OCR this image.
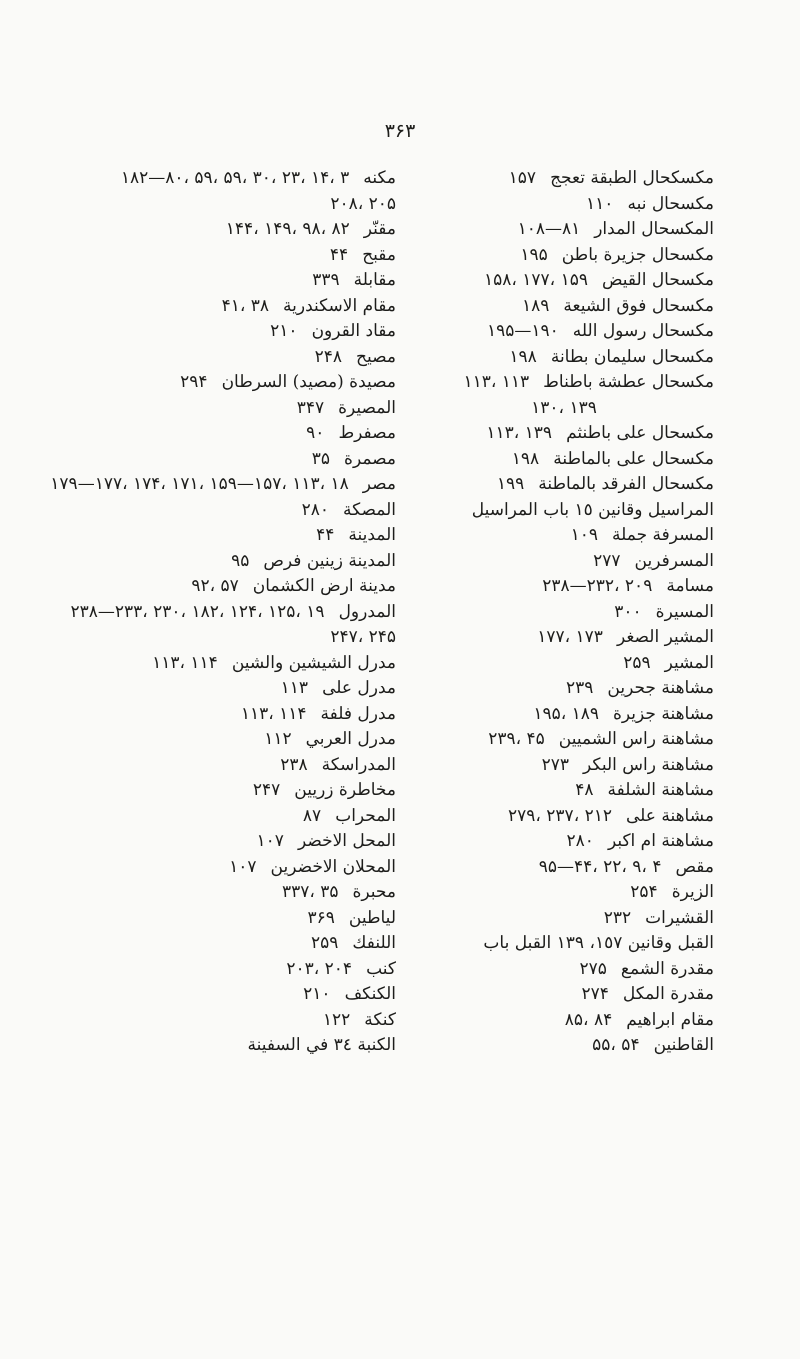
۳۶۳
مکنه۱۸۲—۸۰، ۵۹، ۵۹، ۳۰، ۲۳، ۱۴، ۳
۲۰۸، ۲۰۵
مقنّر۱۴۴، ۱۴۹، ۹۸، ۸۲
مقبح۴۴
مقابلة۳۳۹
مقام الاسكندرية۴۱، ۳۸
مقاد القرون۲۱۰
مصيح۲۴۸
مصيدة (مصيد) السرطان۲۹۴
المصيرة۳۴۷
مصفرط۹۰
مصمرة۳۵
مصر۱۷۹—۱۷۷، ۱۷۴، ۱۷۱، ۱۵۹—۱۵۷، ۱۱۳، ۱۸
المصكة۲۸۰
المدينة۴۴
المدينة زينين فرص۹۵
مدينة ارض الكشمان۹۲، ۵۷
المدرول۲۳۸—۲۳۳، ۲۳۰، ۱۸۲، ۱۲۴، ۱۲۵، ۱۹
۲۴۷، ۲۴۵
مدرل الشيشين والشين۱۱۳، ۱۱۴
مدرل على۱۱۳
مدرل فلفة۱۱۳، ۱۱۴
مدرل العربي۱۱۲
المدراسكة۲۳۸
مخاطرة زريين۲۴۷
المحراب۸۷
المحل الاخضر۱۰۷
المحلان الاخضرين۱۰۷
محبرة۳۳۷، ۳۵
لياطين۳۶۹
اللنفك۲۵۹
كنب۲۰۳، ۲۰۴
الكنكف۲۱۰
كنكة۱۲۲
الكنبة ٣٤ في السفينة
مكسكحال الطبقة تعجج۱۵۷
مكسحال نبه۱۱۰
المكسحال المدار۱۰۸—۸۱
مكسحال جزيرة باطن۱۹۵
مكسحال القيض۱۵۸، ۱۷۷، ۱۵۹
مكسحال فوق الشيعة۱۸۹
مكسحال رسول الله۱۹۵—۱۹۰
مكسحال سليمان بطانة۱۹۸
مكسحال عطشة باطناط۱۱۳، ۱۱۳
۱۳۰، ۱۳۹
مكسحال على باطنثم۱۱۳، ۱۳۹
مكسحال على بالماطنة۱۹۸
مكسحال الفرقد بالماطنة۱۹۹
المراسيل وقانين ١٥ باب المراسيل
المسرفة جملة۱۰۹
المسرفرين۲۷۷
مسامة۲۳۸—۲۳۲، ۲۰۹
المسيرة۳۰۰
المشير الصغر۱۷۷، ۱۷۳
المشير۲۵۹
مشاهنة جحرين۲۳۹
مشاهنة جزيرة۱۹۵، ۱۸۹
مشاهنة راس الشميين۲۳۹، ۴۵
مشاهنة راس البكر۲۷۳
مشاهنة الشلفة۴۸
مشاهنة على۲۷۹، ۲۳۷، ۲۱۲
مشاهنة ام اكبر۲۸۰
مقص۹۵—۴۴، ۲۲، ۹، ۴
الزيرة۲۵۴
القشيرات۲۳۲
القبل وقانين ١٥٧، ١٣٩ القبل باب
مقدرة الشمع۲۷۵
مقدرة المكل۲۷۴
مقام ابراهيم۸۵، ۸۴
القاطنين۵۵، ۵۴
